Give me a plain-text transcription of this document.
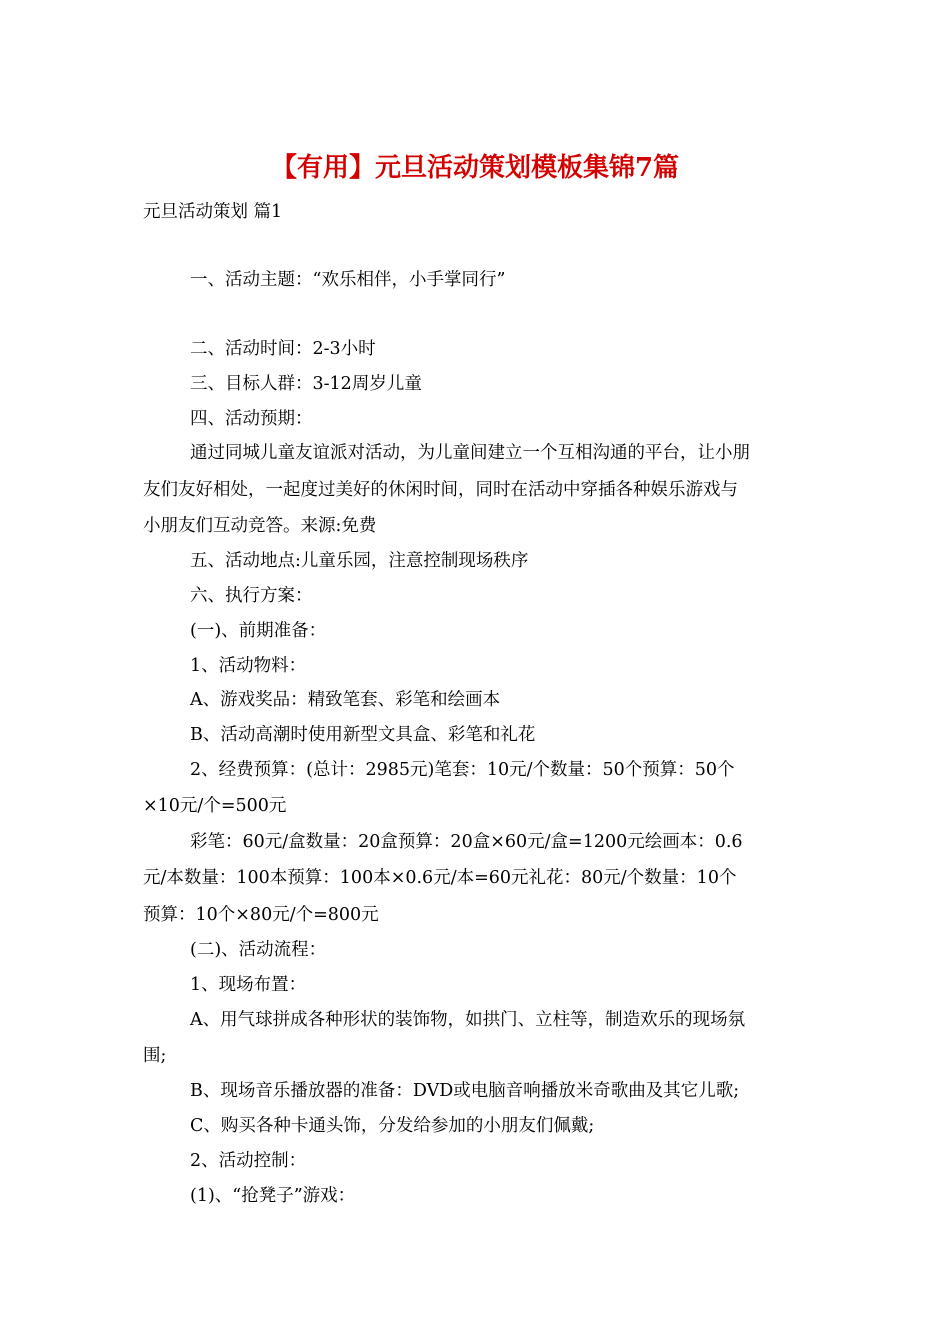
【有用】元旦活动策划模板集锦7篇
元旦活动策划 篇1
一、活动主题：“欢乐相伴，小手掌同行”
二、活动时间：2-3小时
三、目标人群：3-12周岁儿童
四、活动预期：
通过同城儿童友谊派对活动，为儿童间建立一个互相沟通的平台，让小朋
友们友好相处，一起度过美好的休闲时间，同时在活动中穿插各种娱乐游戏与
小朋友们互动竞答。来源:免费
五、活动地点:儿童乐园，注意控制现场秩序
六、执行方案：
(一)、前期准备：
1、活动物料：
A、游戏奖品：精致笔套、彩笔和绘画本
B、活动高潮时使用新型文具盒、彩笔和礼花
2、经费预算：(总计：2985元)笔套：10元/个数量：50个预算：50个
×10元/个=500元
彩笔：60元/盒数量：20盒预算：20盒×60元/盒=1200元绘画本：0.6
元/本数量：100本预算：100本×0.6元/本=60元礼花：80元/个数量：10个
预算：10个×80元/个=800元
(二)、活动流程：
1、现场布置：
A、用气球拼成各种形状的装饰物，如拱门、立柱等，制造欢乐的现场氛
围;
B、现场音乐播放器的准备：DVD或电脑音响播放米奇歌曲及其它儿歌;
C、购买各种卡通头饰，分发给参加的小朋友们佩戴;
2、活动控制：
(1)、“抢凳子”游戏：
